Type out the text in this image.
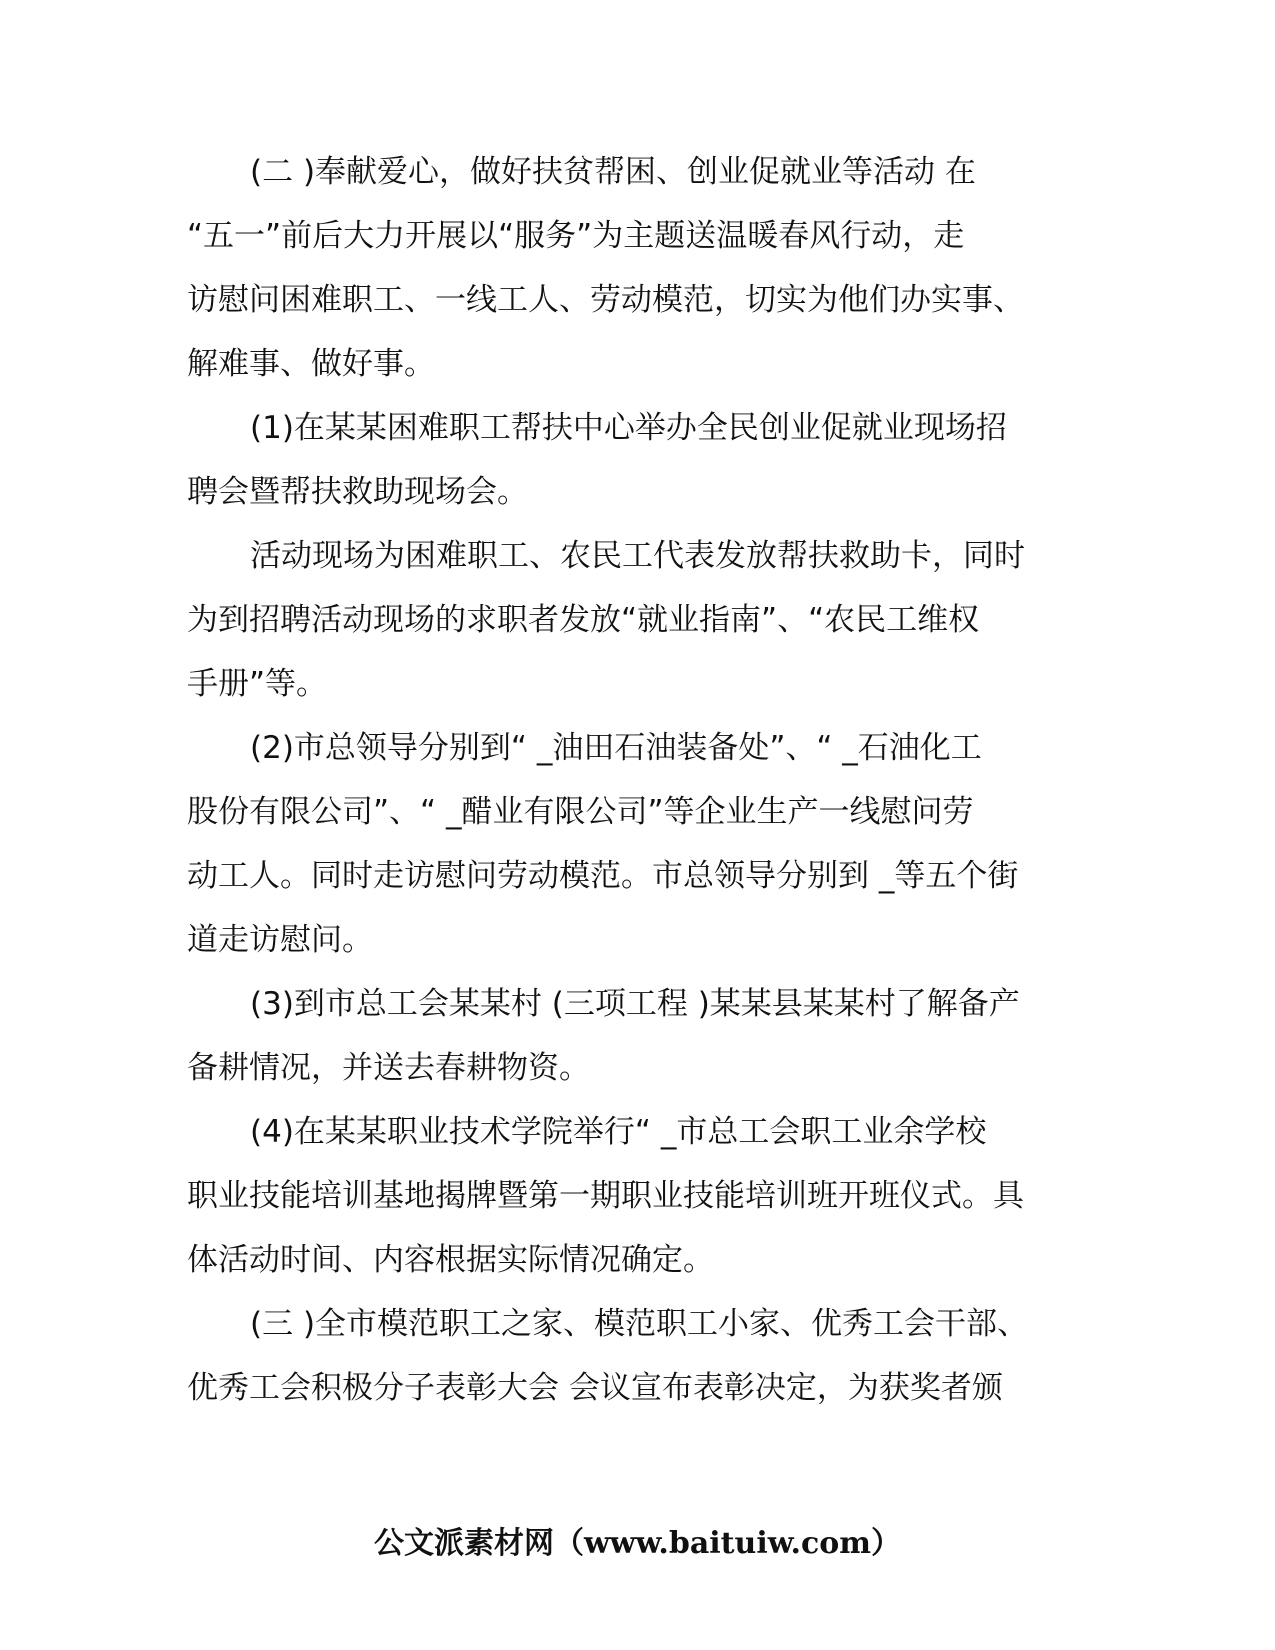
(二 )奉献爱心，做好扶贫帮困、创业促就业等活动 在
“五一”前后大力开展以“服务”为主题送温暖春风行动，走
访慰问困难职工、一线工人、劳动模范，切实为他们办实事、
解难事、做好事。
(1)在某某困难职工帮扶中心举办全民创业促就业现场招
聘会暨帮扶救助现场会。
活动现场为困难职工、农民工代表发放帮扶救助卡，同时
为到招聘活动现场的求职者发放“就业指南”、“农民工维权
手册”等。
(2)市总领导分别到“ _油田石油装备处”、“ _石油化工
股份有限公司”、“ _醋业有限公司”等企业生产一线慰问劳
动工人。同时走访慰问劳动模范。市总领导分别到 _等五个街
道走访慰问。
(3)到市总工会某某村 (三项工程 )某某县某某村了解备产
备耕情况，并送去春耕物资。
(4)在某某职业技术学院举行“ _市总工会职工业余学校
职业技能培训基地揭牌暨第一期职业技能培训班开班仪式。具
体活动时间、内容根据实际情况确定。
(三 )全市模范职工之家、模范职工小家、优秀工会干部、
优秀工会积极分子表彰大会 会议宣布表彰决定，为获奖者颁
公文派素材网（www.baituiw.com）
